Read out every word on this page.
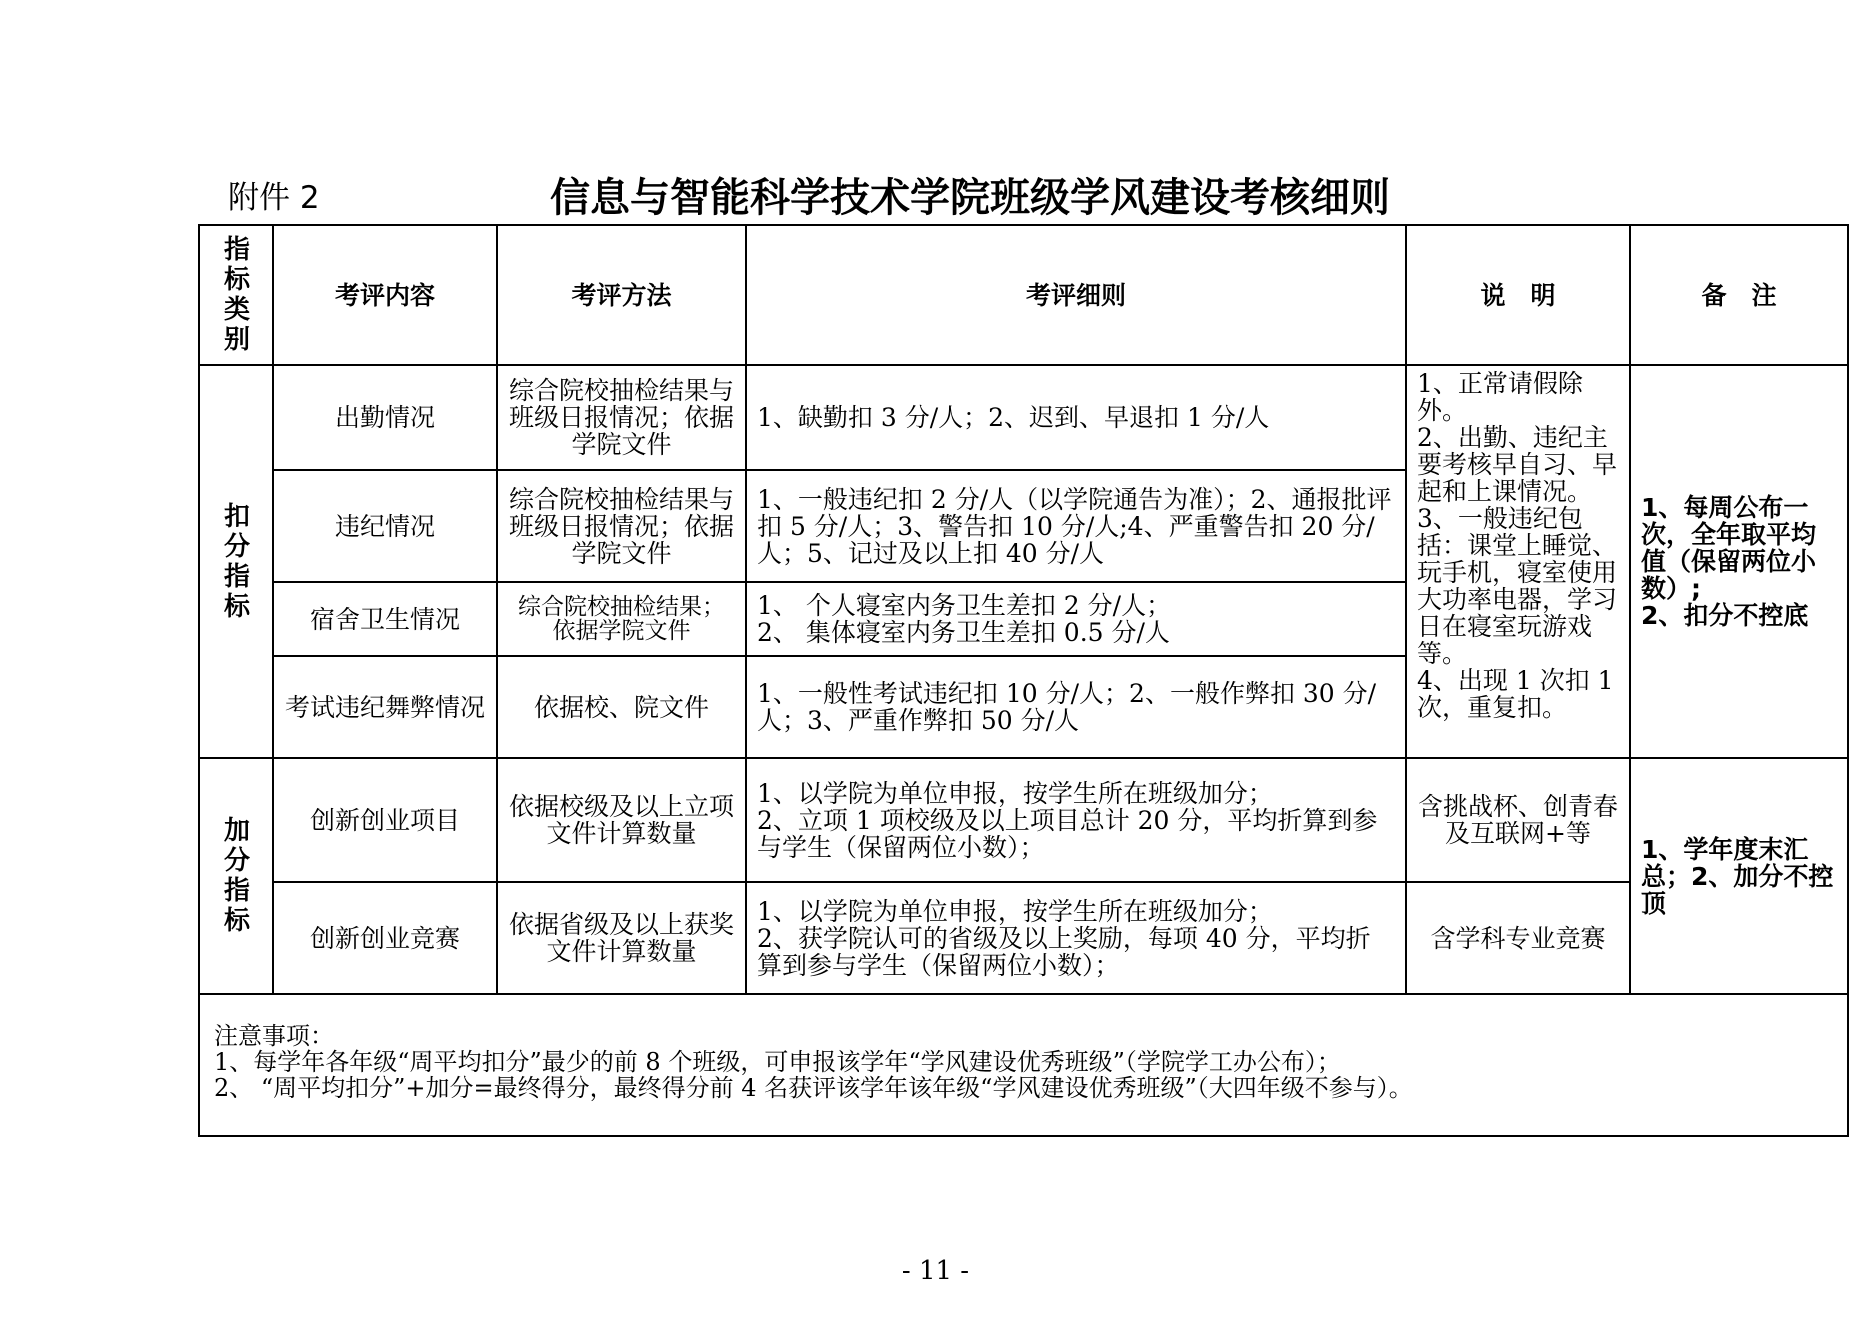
附件 2	信息与智能科学技术学院班级学风建设考核细则
指标类别	考评内容	考评方法	考评细则	说　明	备　注

扣分指标	出勤情况	综合院校抽检结果与班级日报情况；依据学院文件	1、缺勤扣 3 分/人；2、迟到、早退扣 1 分/人	1、正常请假除外。
2、出勤、违纪主要考核早自习、早起和上课情况。
3、一般违纪包括：课堂上睡觉、玩手机，寝室使用大功率电器，学习日在寝室玩游戏等。
4、出现 1 次扣 1 次，重复扣。	1、每周公布一次，全年取平均值（保留两位小数）;
2、扣分不控底
	违纪情况	综合院校抽检结果与班级日报情况；依据学院文件	1、一般违纪扣 2 分/人（以学院通告为准）；2、通报批评扣 5 分/人；3、警告扣 10 分/人;4、严重警告扣 20 分/人；5、记过及以上扣 40 分/人		
	宿舍卫生情况	综合院校抽检结果；依据学院文件	1、 个人寝室内务卫生差扣 2 分/人；
2、 集体寝室内务卫生差扣 0.5 分/人		
	考试违纪舞弊情况	依据校、院文件	1、一般性考试违纪扣 10 分/人；2、一般作弊扣 30 分/人；3、严重作弊扣 50 分/人		

加分指标	创新创业项目	依据校级及以上立项文件计算数量	1、以学院为单位申报，按学生所在班级加分；
2、立项 1 项校级及以上项目总计 20 分，平均折算到参与学生（保留两位小数）；	含挑战杯、创青春及互联网+等	1、学年度末汇总；2、加分不控顶
	创新创业竞赛	依据省级及以上获奖
文件计算数量	1、以学院为单位申报，按学生所在班级加分；
2、获学院认可的省级及以上奖励，每项 40 分，平均折算到参与学生（保留两位小数）；	含学科专业竞赛	
注意事项：
1、每学年各年级“周平均扣分”最少的前 8 个班级，可申报该学年“学风建设优秀班级”（学院学工办公布）；
2、 “周平均扣分”+加分=最终得分，最终得分前 4 名获评该学年该年级“学风建设优秀班级”（大四年级不参与）。					
- 11 -
